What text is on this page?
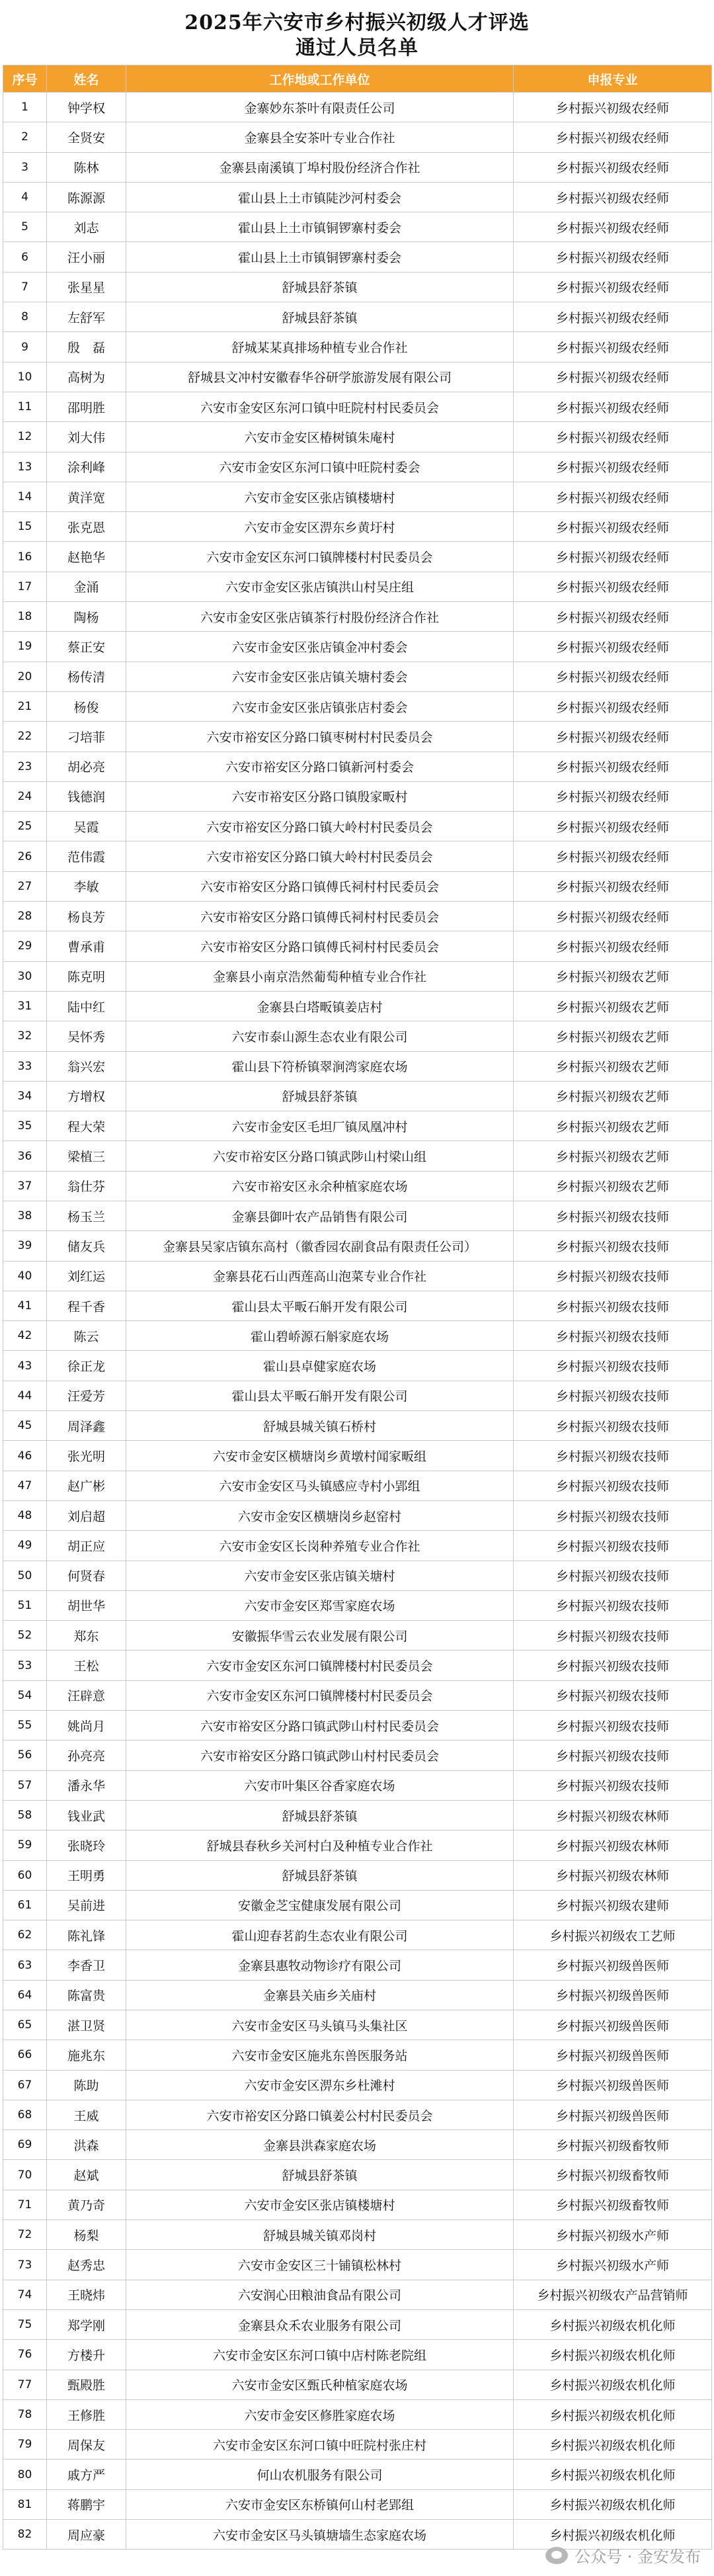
2025年六安市乡村振兴初级人才评选
通过人员名单
序号	姓名	工作地或工作单位	申报专业
1	钟学权	金寨妙东茶叶有限责任公司	乡村振兴初级农经师
2	全贤安	金寨县全安茶叶专业合作社	乡村振兴初级农经师
3	陈林	金寨县南溪镇丁埠村股份经济合作社	乡村振兴初级农经师
4	陈源源	霍山县上土市镇陡沙河村委会	乡村振兴初级农经师
5	刘志	霍山县上土市镇铜锣寨村委会	乡村振兴初级农经师
6	汪小丽	霍山县上土市镇铜锣寨村委会	乡村振兴初级农经师
7	张星星	舒城县舒茶镇	乡村振兴初级农经师
8	左舒军	舒城县舒茶镇	乡村振兴初级农经师
9	殷　磊	舒城某某真排场种植专业合作社	乡村振兴初级农经师
10	高树为	舒城县文冲村安徽春华谷研学旅游发展有限公司	乡村振兴初级农经师
11	邵明胜	六安市金安区东河口镇中旺院村村民委员会	乡村振兴初级农经师
12	刘大伟	六安市金安区椿树镇朱庵村	乡村振兴初级农经师
13	涂利峰	六安市金安区东河口镇中旺院村委会	乡村振兴初级农经师
14	黄洋宽	六安市金安区张店镇楼塘村	乡村振兴初级农经师
15	张克恩	六安市金安区淠东乡黄圩村	乡村振兴初级农经师
16	赵艳华	六安市金安区东河口镇牌楼村村民委员会	乡村振兴初级农经师
17	金涌	六安市金安区张店镇洪山村吴庄组	乡村振兴初级农经师
18	陶杨	六安市金安区张店镇茶行村股份经济合作社	乡村振兴初级农经师
19	蔡正安	六安市金安区张店镇金冲村委会	乡村振兴初级农经师
20	杨传清	六安市金安区张店镇关塘村委会	乡村振兴初级农经师
21	杨俊	六安市金安区张店镇张店村委会	乡村振兴初级农经师
22	刁培菲	六安市裕安区分路口镇枣树村村民委员会	乡村振兴初级农经师
23	胡必亮	六安市裕安区分路口镇新河村委会	乡村振兴初级农经师
24	钱德润	六安市裕安区分路口镇殷家畈村	乡村振兴初级农经师
25	吴霞	六安市裕安区分路口镇大岭村村民委员会	乡村振兴初级农经师
26	范伟霞	六安市裕安区分路口镇大岭村村民委员会	乡村振兴初级农经师
27	李敏	六安市裕安区分路口镇傅氏祠村村民委员会	乡村振兴初级农经师
28	杨良芳	六安市裕安区分路口镇傅氏祠村村民委员会	乡村振兴初级农经师
29	曹承甫	六安市裕安区分路口镇傅氏祠村村民委员会	乡村振兴初级农经师
30	陈克明	金寨县小南京浩然葡萄种植专业合作社	乡村振兴初级农艺师
31	陆中红	金寨县白塔畈镇姜店村	乡村振兴初级农艺师
32	吴怀秀	六安市泰山源生态农业有限公司	乡村振兴初级农艺师
33	翁兴宏	霍山县下符桥镇翠涧湾家庭农场	乡村振兴初级农艺师
34	方增权	舒城县舒茶镇	乡村振兴初级农艺师
35	程大荣	六安市金安区毛坦厂镇凤凰冲村	乡村振兴初级农艺师
36	梁植三	六安市裕安区分路口镇武陟山村梁山组	乡村振兴初级农艺师
37	翁仕芬	六安市裕安区永余种植家庭农场	乡村振兴初级农艺师
38	杨玉兰	金寨县御叶农产品销售有限公司	乡村振兴初级农技师
39	储友兵	金寨县吴家店镇东高村（徽香园农副食品有限责任公司）	乡村振兴初级农技师
40	刘红运	金寨县花石山西莲高山泡菜专业合作社	乡村振兴初级农技师
41	程千香	霍山县太平畈石斛开发有限公司	乡村振兴初级农技师
42	陈云	霍山碧峤源石斛家庭农场	乡村振兴初级农技师
43	徐正龙	霍山县卓健家庭农场	乡村振兴初级农技师
44	汪爱芳	霍山县太平畈石斛开发有限公司	乡村振兴初级农技师
45	周泽鑫	舒城县城关镇石桥村	乡村振兴初级农技师
46	张光明	六安市金安区横塘岗乡黄墩村闻家畈组	乡村振兴初级农技师
47	赵广彬	六安市金安区马头镇感应寺村小郢组	乡村振兴初级农技师
48	刘启超	六安市金安区横塘岗乡赵窑村	乡村振兴初级农技师
49	胡正应	六安市金安区长岗种养殖专业合作社	乡村振兴初级农技师
50	何贤春	六安市金安区张店镇关塘村	乡村振兴初级农技师
51	胡世华	六安市金安区郑雪家庭农场	乡村振兴初级农技师
52	郑东	安徽振华雪云农业发展有限公司	乡村振兴初级农技师
53	王松	六安市金安区东河口镇牌楼村村民委员会	乡村振兴初级农技师
54	汪辟意	六安市金安区东河口镇牌楼村村民委员会	乡村振兴初级农技师
55	姚尚月	六安市裕安区分路口镇武陟山村村民委员会	乡村振兴初级农技师
56	孙亮亮	六安市裕安区分路口镇武陟山村村民委员会	乡村振兴初级农技师
57	潘永华	六安市叶集区谷香家庭农场	乡村振兴初级农技师
58	钱业武	舒城县舒茶镇	乡村振兴初级农林师
59	张晓玲	舒城县春秋乡关河村白及种植专业合作社	乡村振兴初级农林师
60	王明勇	舒城县舒茶镇	乡村振兴初级农林师
61	吴前进	安徽金芝宝健康发展有限公司	乡村振兴初级农建师
62	陈礼锋	霍山迎春茗韵生态农业有限公司	乡村振兴初级农工艺师
63	李香卫	金寨县惠牧动物诊疗有限公司	乡村振兴初级兽医师
64	陈富贵	金寨县关庙乡关庙村	乡村振兴初级兽医师
65	湛卫贤	六安市金安区马头镇马头集社区	乡村振兴初级兽医师
66	施兆东	六安市金安区施兆东兽医服务站	乡村振兴初级兽医师
67	陈助	六安市金安区淠东乡杜滩村	乡村振兴初级兽医师
68	王威	六安市裕安区分路口镇姜公村村民委员会	乡村振兴初级兽医师
69	洪森	金寨县洪森家庭农场	乡村振兴初级畜牧师
70	赵斌	舒城县舒茶镇	乡村振兴初级畜牧师
71	黄乃奇	六安市金安区张店镇楼塘村	乡村振兴初级畜牧师
72	杨梨	舒城县城关镇邓岗村	乡村振兴初级水产师
73	赵秀忠	六安市金安区三十铺镇松林村	乡村振兴初级水产师
74	王晓炜	六安润心田粮油食品有限公司	乡村振兴初级农产品营销师
75	郑学刚	金寨县众禾农业服务有限公司	乡村振兴初级农机化师
76	方楼升	六安市金安区东河口镇中店村陈老院组	乡村振兴初级农机化师
77	甄殿胜	六安市金安区甄氏种植家庭农场	乡村振兴初级农机化师
78	王修胜	六安市金安区修胜家庭农场	乡村振兴初级农机化师
79	周保友	六安市金安区东河口镇中旺院村张庄村	乡村振兴初级农机化师
80	戚方严	何山农机服务有限公司	乡村振兴初级农机化师
81	蒋鹏宇	六安市金安区东桥镇何山村老郢组	乡村振兴初级农机化师
82	周应豪	六安市金安区马头镇塘墙生态家庭农场	乡村振兴初级农机化师
公众号 · 金安发布
